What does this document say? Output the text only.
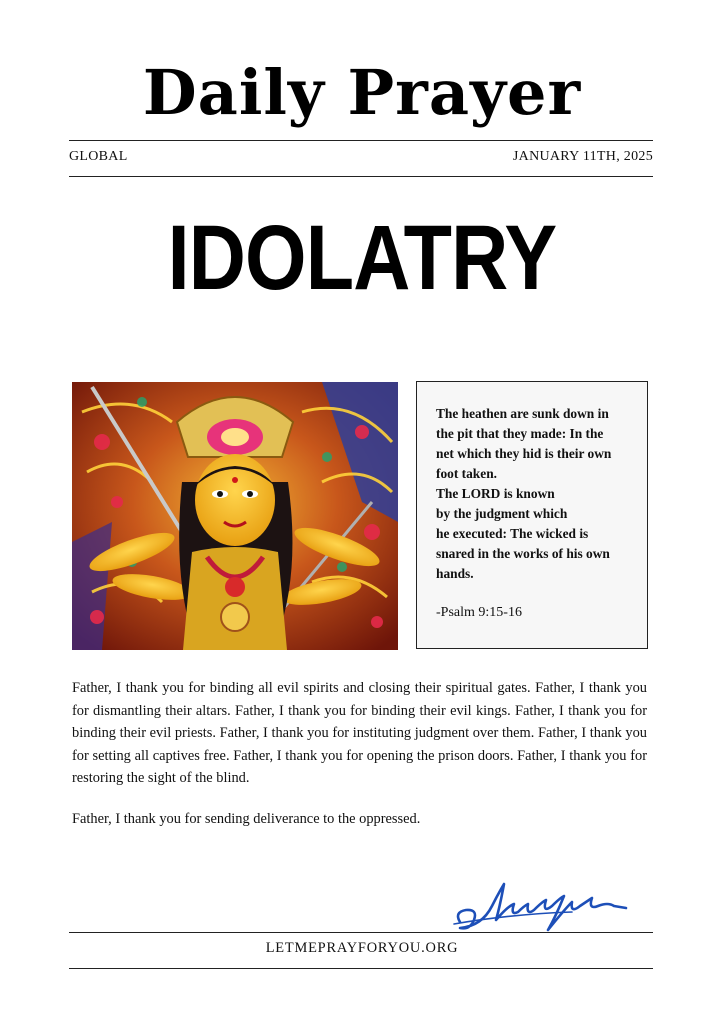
Daily Prayer
GLOBAL	JANUARY 11TH, 2025
IDOLATRY
The heathen are sunk down in
the pit that they made: In the
net which they hid is their own
foot taken.
The LORD is known
by the judgment which
he executed: The wicked is
snared in the works of his own
hands.
-Psalm 9:15-16

Father, I thank you for binding all evil spirits and closing their spiritual gates. Father, I thank you for dismantling their altars. Father, I thank you for binding their evil kings. Father, I thank you for binding their evil priests. Father, I thank you for instituting judgment over them. Father, I thank you for setting all captives free. Father, I thank you for opening the prison doors. Father, I thank you for restoring the sight of the blind.

Father, I thank you for sending deliverance to the oppressed.

LETMEPRAYFORYOU.ORG
